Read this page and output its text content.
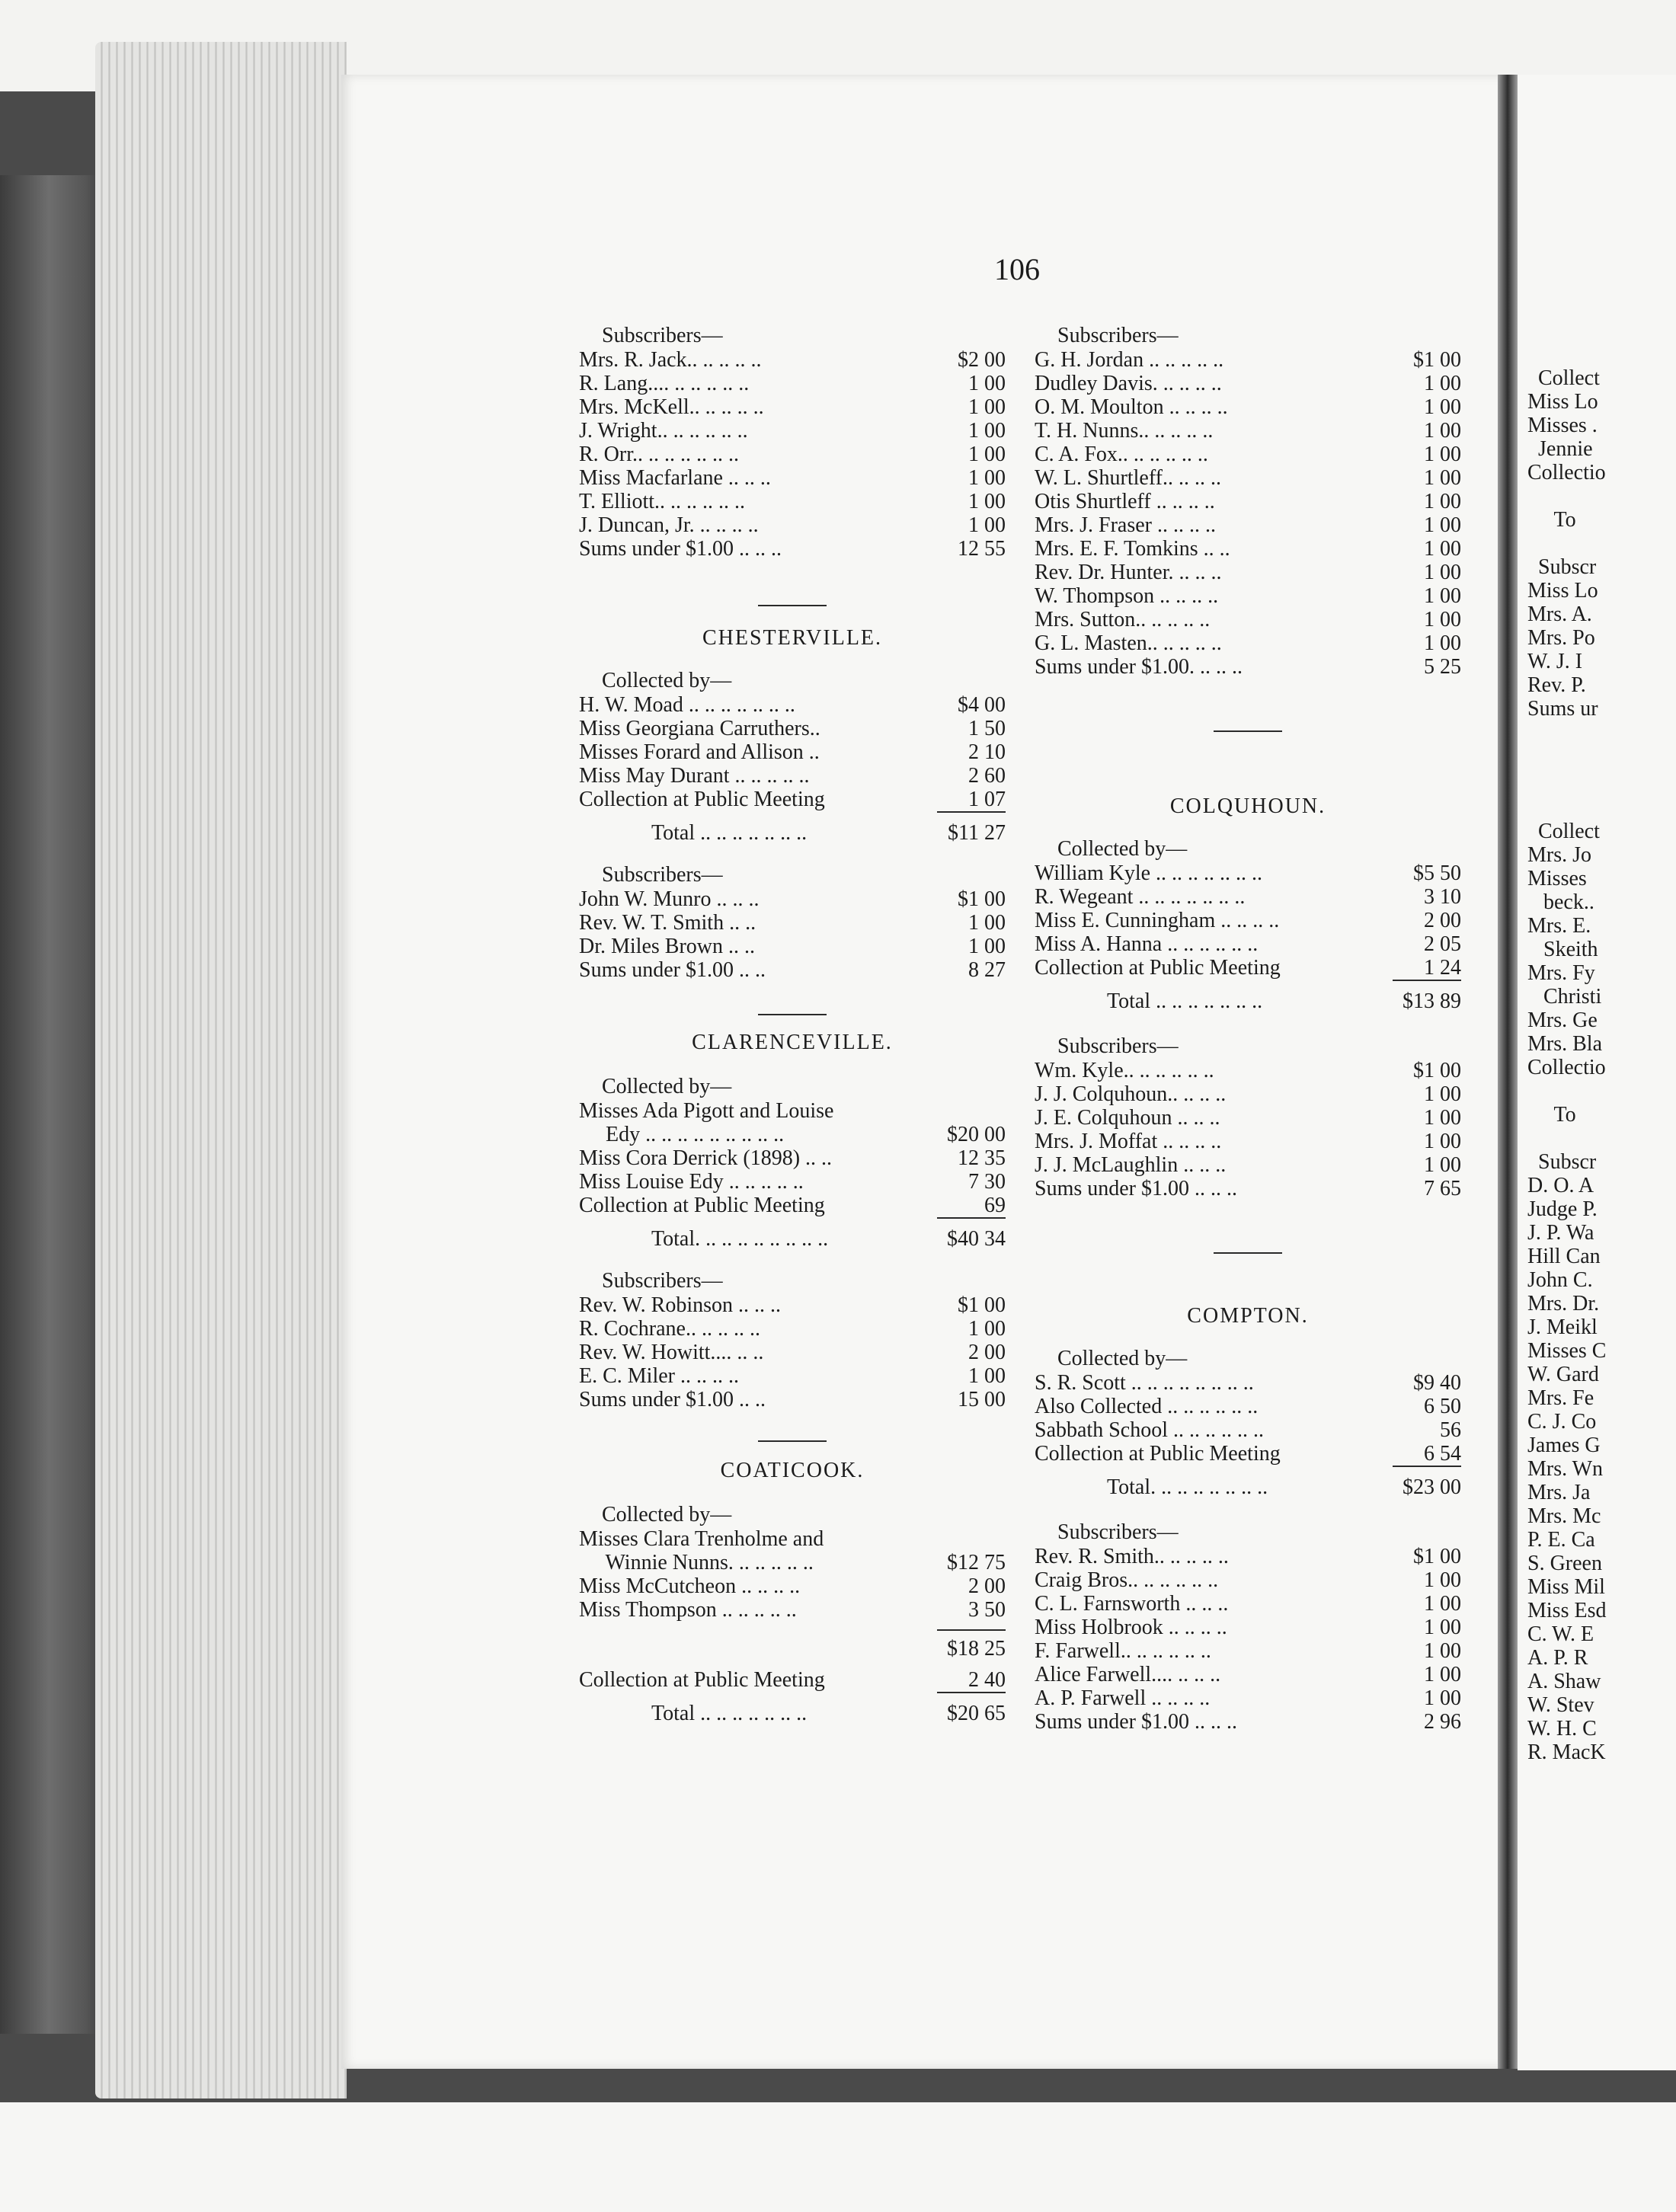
106
Subscribers—
Mrs. R. Jack.. .. .. .. ..	$2 00
R. Lang.... .. .. .. .. ..	1 00
Mrs. McKell.. .. .. .. ..	1 00
J. Wright.. .. .. .. .. ..	1 00
R. Orr.. .. .. .. .. .. ..	1 00
Miss Macfarlane .. .. ..	1 00
T. Elliott.. .. .. .. .. ..	1 00
J. Duncan, Jr. .. .. .. ..	1 00
Sums under $1.00 .. .. ..	12 55
CHESTERVILLE.
Collected by—
H. W. Moad .. .. .. .. .. .. ..	$4 00
Miss Georgiana Carruthers..	1 50
Misses Forard and Allison ..	2 10
Miss May Durant .. .. .. .. ..	2 60
Collection at Public Meeting	1 07
Total .. .. .. .. .. .. ..	$11 27
Subscribers—
John W. Munro .. .. ..	$1 00
Rev. W. T. Smith .. ..	1 00
Dr. Miles Brown .. ..	1 00
Sums under $1.00 .. ..	8 27
CLARENCEVILLE.
Collected by—
Misses Ada Pigott and Louise
Edy .. .. .. .. .. .. .. .. ..	$20 00
Miss Cora Derrick (1898) .. ..	12 35
Miss Louise Edy .. .. .. .. ..	7 30
Collection at Public Meeting	69
Total. .. .. .. .. .. .. .. ..	$40 34
Subscribers—
Rev. W. Robinson .. .. ..	$1 00
R. Cochrane.. .. .. .. ..	1 00
Rev. W. Howitt.... .. ..	2 00
E. C. Miler .. .. .. ..	1 00
Sums under $1.00 .. ..	15 00
COATICOOK.
Collected by—
Misses Clara Trenholme and
Winnie Nunns. .. .. .. .. ..	$12 75
Miss McCutcheon .. .. .. ..	2 00
Miss Thompson .. .. .. .. ..	3 50
$18 25
Collection at Public Meeting	2 40
Total .. .. .. .. .. .. ..	$20 65
Subscribers—
G. H. Jordan .. .. .. .. ..	$1 00
Dudley Davis. .. .. .. ..	1 00
O. M. Moulton .. .. .. ..	1 00
T. H. Nunns.. .. .. .. ..	1 00
C. A. Fox.. .. .. .. .. ..	1 00
W. L. Shurtleff.. .. .. ..	1 00
Otis Shurtleff .. .. .. ..	1 00
Mrs. J. Fraser .. .. .. ..	1 00
Mrs. E. F. Tomkins .. ..	1 00
Rev. Dr. Hunter. .. .. ..	1 00
W. Thompson .. .. .. ..	1 00
Mrs. Sutton.. .. .. .. ..	1 00
G. L. Masten.. .. .. .. ..	1 00
Sums under $1.00. .. .. ..	5 25
COLQUHOUN.
Collected by—
William Kyle .. .. .. .. .. .. ..	$5 50
R. Wegeant .. .. .. .. .. .. ..	3 10
Miss E. Cunningham .. .. .. ..	2 00
Miss A. Hanna .. .. .. .. .. ..	2 05
Collection at Public Meeting	1 24
Total .. .. .. .. .. .. ..	$13 89
Subscribers—
Wm. Kyle.. .. .. .. .. ..	$1 00
J. J. Colquhoun.. .. .. ..	1 00
J. E. Colquhoun .. .. ..	1 00
Mrs. J. Moffat .. .. .. ..	1 00
J. J. McLaughlin .. .. ..	1 00
Sums under $1.00 .. .. ..	7 65
COMPTON.
Collected by—
S. R. Scott .. .. .. .. .. .. .. ..	$9 40
Also Collected .. .. .. .. .. ..	6 50
Sabbath School .. .. .. .. .. ..	56
Collection at Public Meeting	6 54
Total. .. .. .. .. .. .. ..	$23 00
Subscribers—
Rev. R. Smith.. .. .. .. ..	$1 00
Craig Bros.. .. .. .. .. ..	1 00
C. L. Farnsworth .. .. ..	1 00
Miss Holbrook .. .. .. ..	1 00
F. Farwell.. .. .. .. .. ..	1 00
Alice Farwell.... .. .. ..	1 00
A. P. Farwell .. .. .. ..	1 00
Sums under $1.00 .. .. ..	2 96
Collect
Miss Lo
Misses .
Jennie
Collectio

To

Subscr
Miss Lo
Mrs. A.
Mrs. Po
W. J. I
Rev. P.
Sums ur
Collect
Mrs. Jo
Misses
beck..
Mrs. E.
Skeith
Mrs. Fy
Christi
Mrs. Ge
Mrs. Bla
Collectio

To

Subscr
D. O. A
Judge P.
J. P. Wa
Hill Can
John C.
Mrs. Dr.
J. Meikl
Misses C
W. Gard
Mrs. Fe
C. J. Co
James G
Mrs. Wn
Mrs. Ja
Mrs. Mc
P. E. Ca
S. Green
Miss Mil
Miss Esd
C. W. E
A. P. R
A. Shaw
W. Stev
W. H. C
R. MacK
